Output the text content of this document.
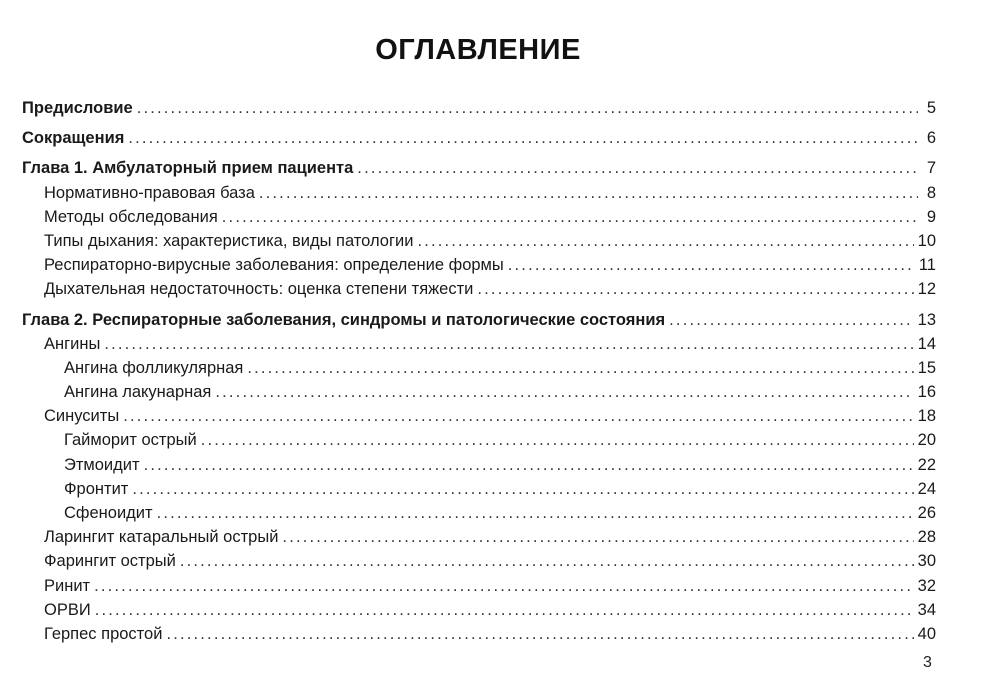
ОГЛАВЛЕНИЕ
Предисловие . . .	5
Сокращения . . .	6
Глава 1. Амбулаторный прием пациента . . .	7
Нормативно-правовая база . . .	8
Методы обследования . . .	9
Типы дыхания: характеристика, виды патологии . . .	10
Респираторно-вирусные заболевания: определение формы . . .	11
Дыхательная недостаточность: оценка степени тяжести . . .	12
Глава 2. Респираторные заболевания, синдромы и патологические состояния . . .	13
Ангины . . .	14
Ангина фолликулярная . . .	15
Ангина лакунарная . . .	16
Синуситы . . .	18
Гайморит острый . . .	20
Этмоидит . . .	22
Фронтит . . .	24
Сфеноидит . . .	26
Ларингит катаральный острый . . .	28
Фарингит острый . . .	30
Ринит . . .	32
ОРВИ . . .	34
Герпес простой . . .	40
3
